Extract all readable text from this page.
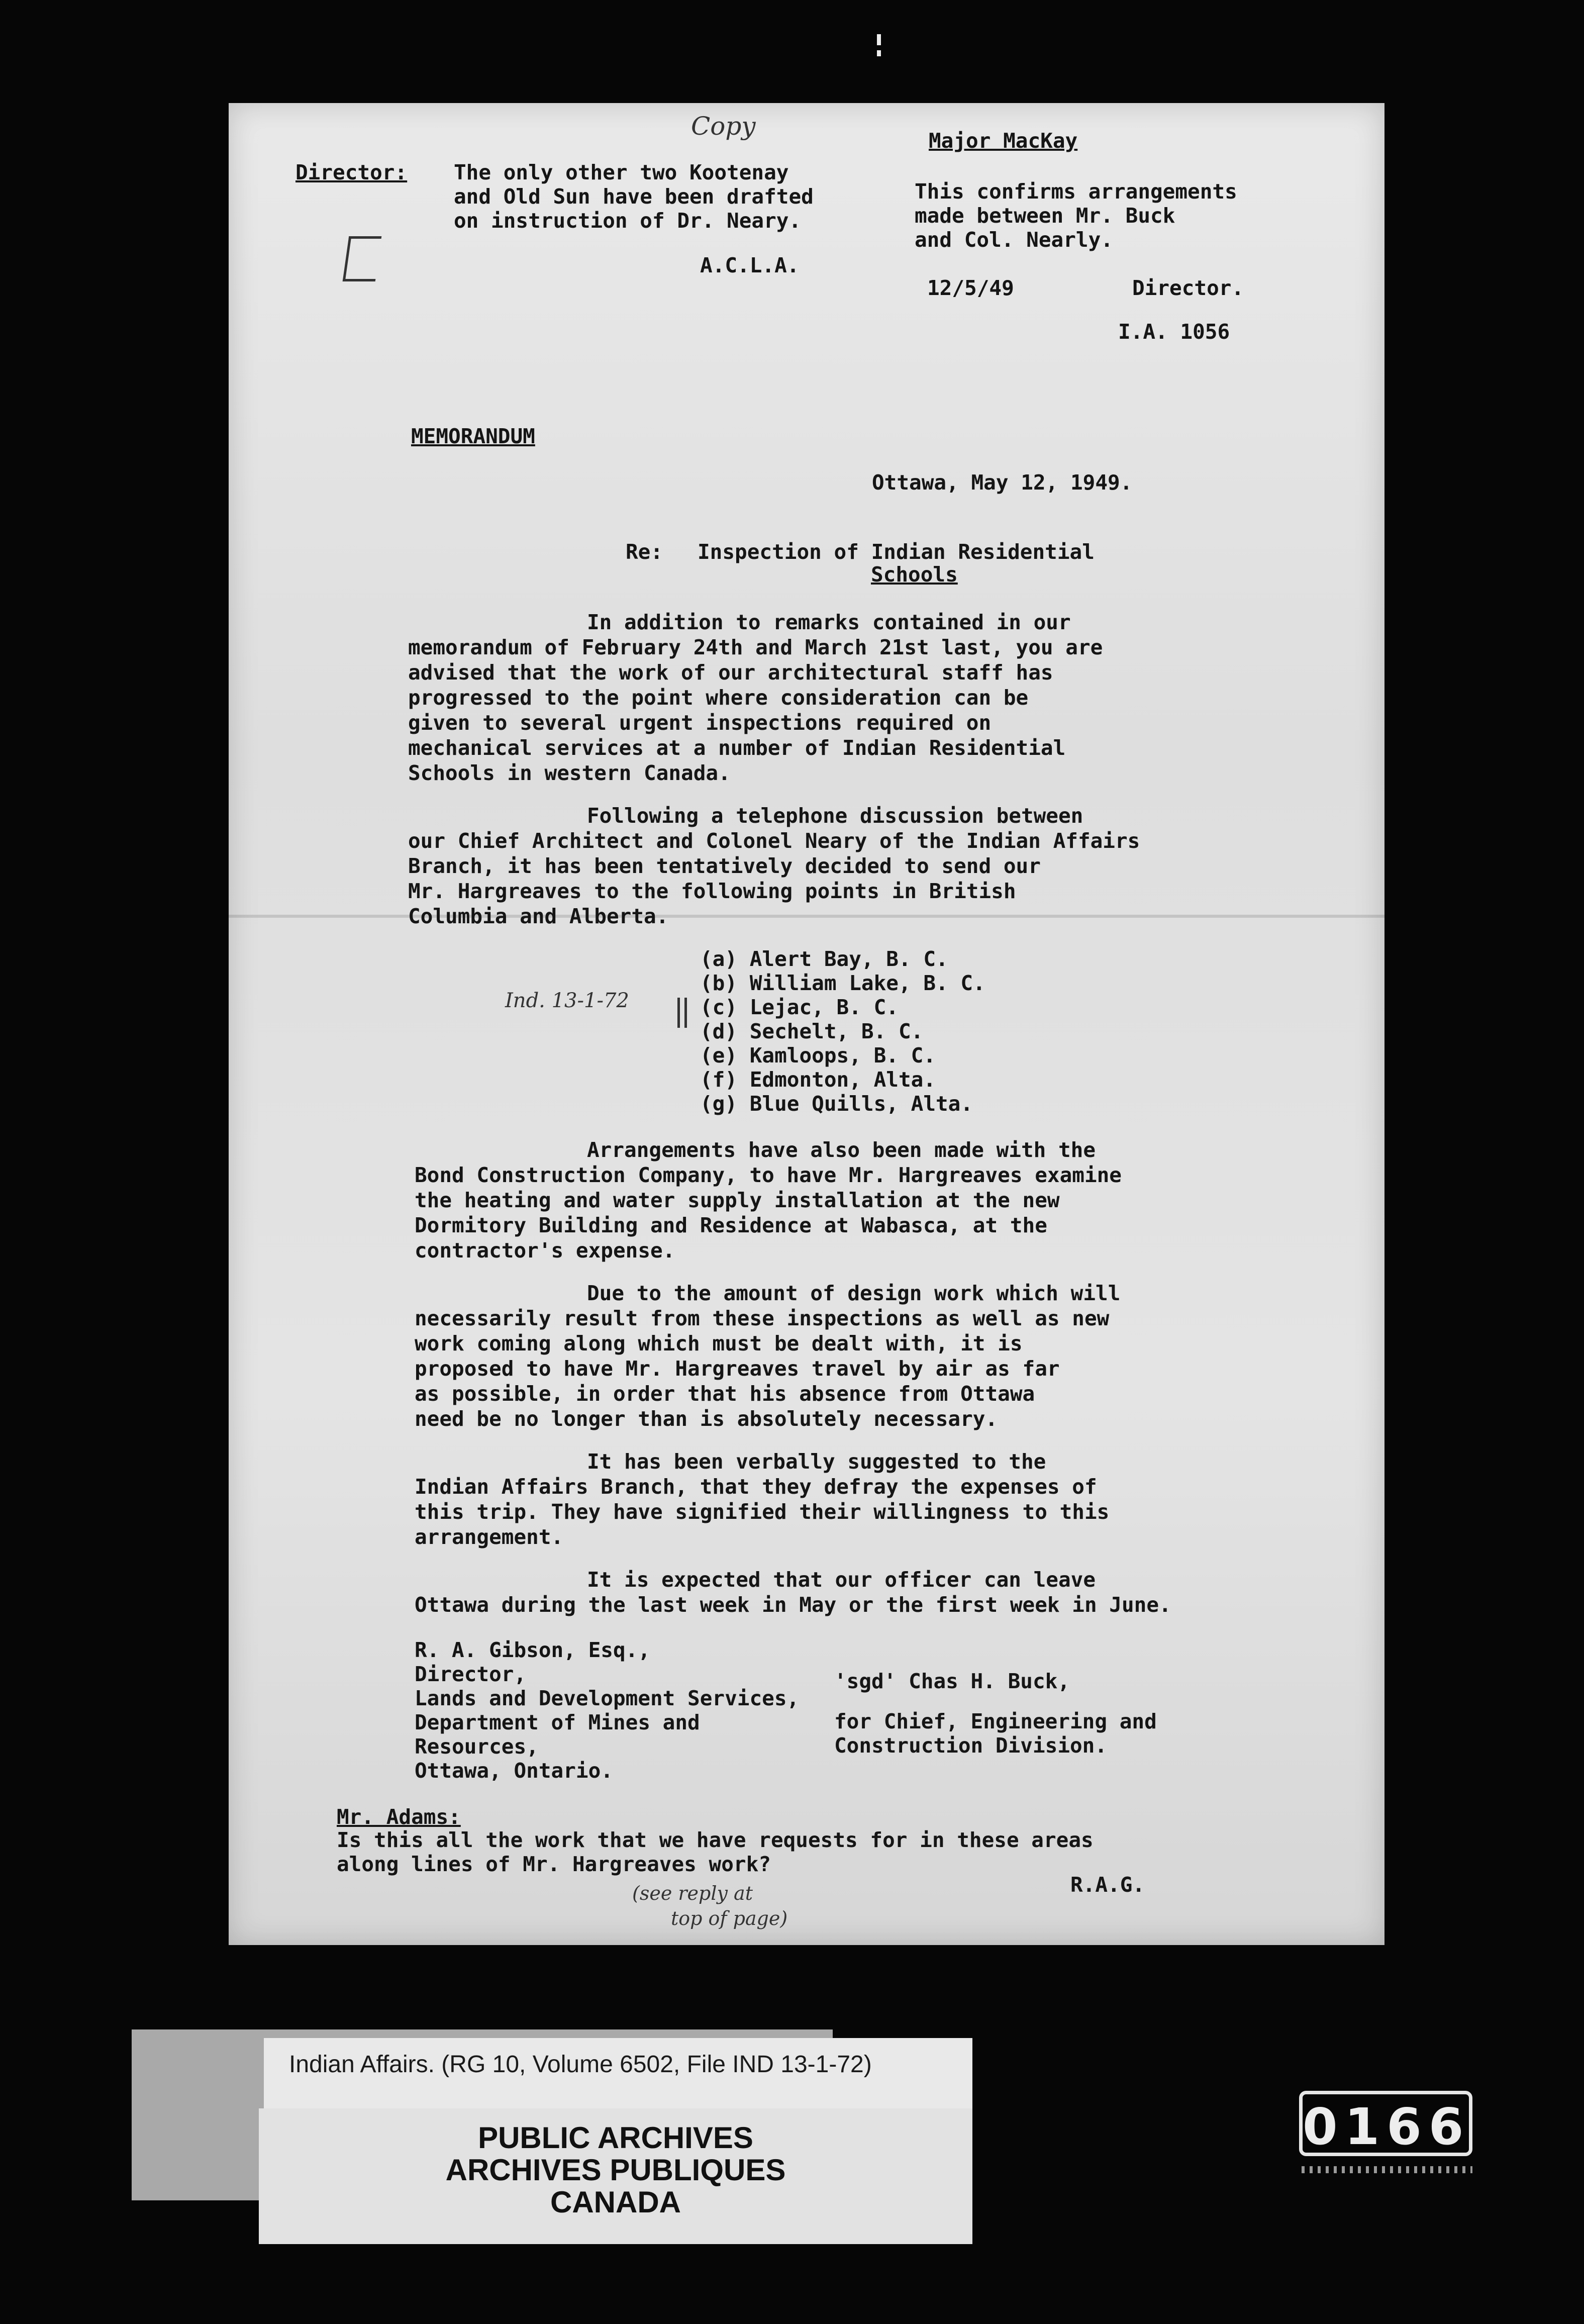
Copy

Director: The only other two Kootenay

and Old Sun have been drafted

on instruction of Dr. Neary.

A.C.L.A.

Major MacKay

This confirms arrangements

made between Mr. Buck

and Col. Nearly.

12/5/49	Director.

I.A. 1056

MEMORANDUM

Ottawa, May 12, 1949.

Re: Inspection of Indian Residential

Schools

In addition to remarks contained in our

memorandum of February 24th and March 21st last, you are

advised that the work of our architectural staff has

progressed to the point where consideration can be

given to several urgent inspections required on

mechanical services at a number of Indian Residential

Schools in western Canada.

Following a telephone discussion between

our Chief Architect and Colonel Neary of the Indian Affairs

Branch, it has been tentatively decided to send our

Mr. Hargreaves to the following points in British

Columbia and Alberta.

(a) Alert Bay, B. C.

(b) William Lake, B. C.

(c) Lejac, B. C.

(d) Sechelt, B. C.

(e) Kamloops, B. C.

(f) Edmonton, Alta.

(g) Blue Quills, Alta.

Ind. 13-1-72

Arrangements have also been made with the

Bond Construction Company, to have Mr. Hargreaves examine

the heating and water supply installation at the new

Dormitory Building and Residence at Wabasca, at the

contractor's expense.

Due to the amount of design work which will

necessarily result from these inspections as well as new

work coming along which must be dealt with, it is

proposed to have Mr. Hargreaves travel by air as far

as possible, in order that his absence from Ottawa

need be no longer than is absolutely necessary.

It has been verbally suggested to the

Indian Affairs Branch, that they defray the expenses of

this trip. They have signified their willingness to this

arrangement.

It is expected that our officer can leave

Ottawa during the last week in May or the first week in June.

R. A. Gibson, Esq.,

Director,

Lands and Development Services,

Department of Mines and

Resources,

Ottawa, Ontario.

'sgd' Chas H. Buck,

for Chief, Engineering and

Construction Division.

Mr. Adams:

Is this all the work that we have requests for in these areas

along lines of Mr. Hargreaves work?

R.A.G.

(see reply at

top of page)

Indian Affairs. (RG 10, Volume 6502, File IND 13-1-72)

PUBLIC ARCHIVES

ARCHIVES PUBLIQUES

CANADA

0166
